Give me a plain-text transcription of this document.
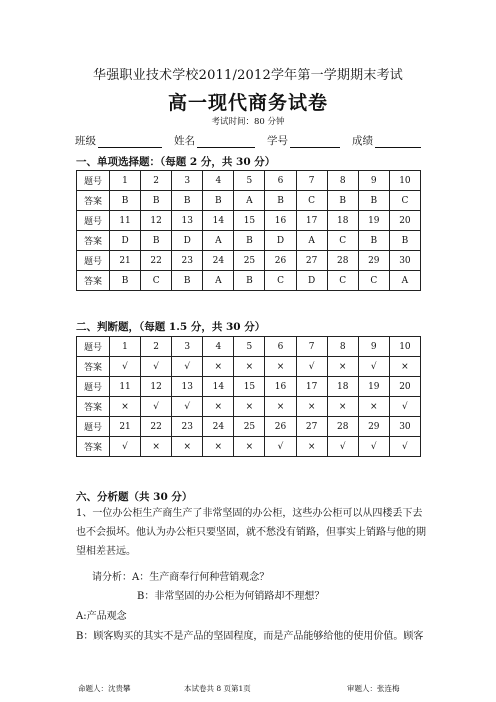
华强职业技术学校2011/2012学年第一学期期末考试
高一现代商务试卷
考试时间：80 分钟
班级	姓名	学号	成绩
一、单项选择题：（每题 2 分，共 30 分）
题号	1	2	3	4	5	6	7	8	9	10
答案	B	B	B	B	A	B	C	B	B	C
题号	11	12	13	14	15	16	17	18	19	20
答案	D	B	D	A	B	D	A	C	B	B
题号	21	22	23	24	25	26	27	28	29	30
答案	B	C	B	A	B	C	D	C	C	A
二、判断题，（每题 1.5 分，共 30 分）
题号	1	2	3	4	5	6	7	8	9	10
答案	√	√	√	×	×	×	√	×	√	×
题号	11	12	13	14	15	16	17	18	19	20
答案	×	√	√	×	×	×	×	×	×	√
题号	21	22	23	24	25	26	27	28	29	30
答案	√	×	×	×	×	√	×	√	√	√
六、分析题（共 30 分）
1、一位办公柜生产商生产了非常坚固的办公柜，这些办公柜可以从四楼丢下去
也不会损坏。他认为办公柜只要坚固，就不愁没有销路，但事实上销路与他的期
望相差甚远。
请分析：A：生产商奉行何种营销观念？
B：非常坚固的办公柜为何销路却不理想？
A:产品观念
B：顾客购买的其实不是产品的坚固程度，而是产品能够给他的使用价值。顾客
命题人：沈贵攀	本试卷共 8 页第1页	审题人：张连梅
